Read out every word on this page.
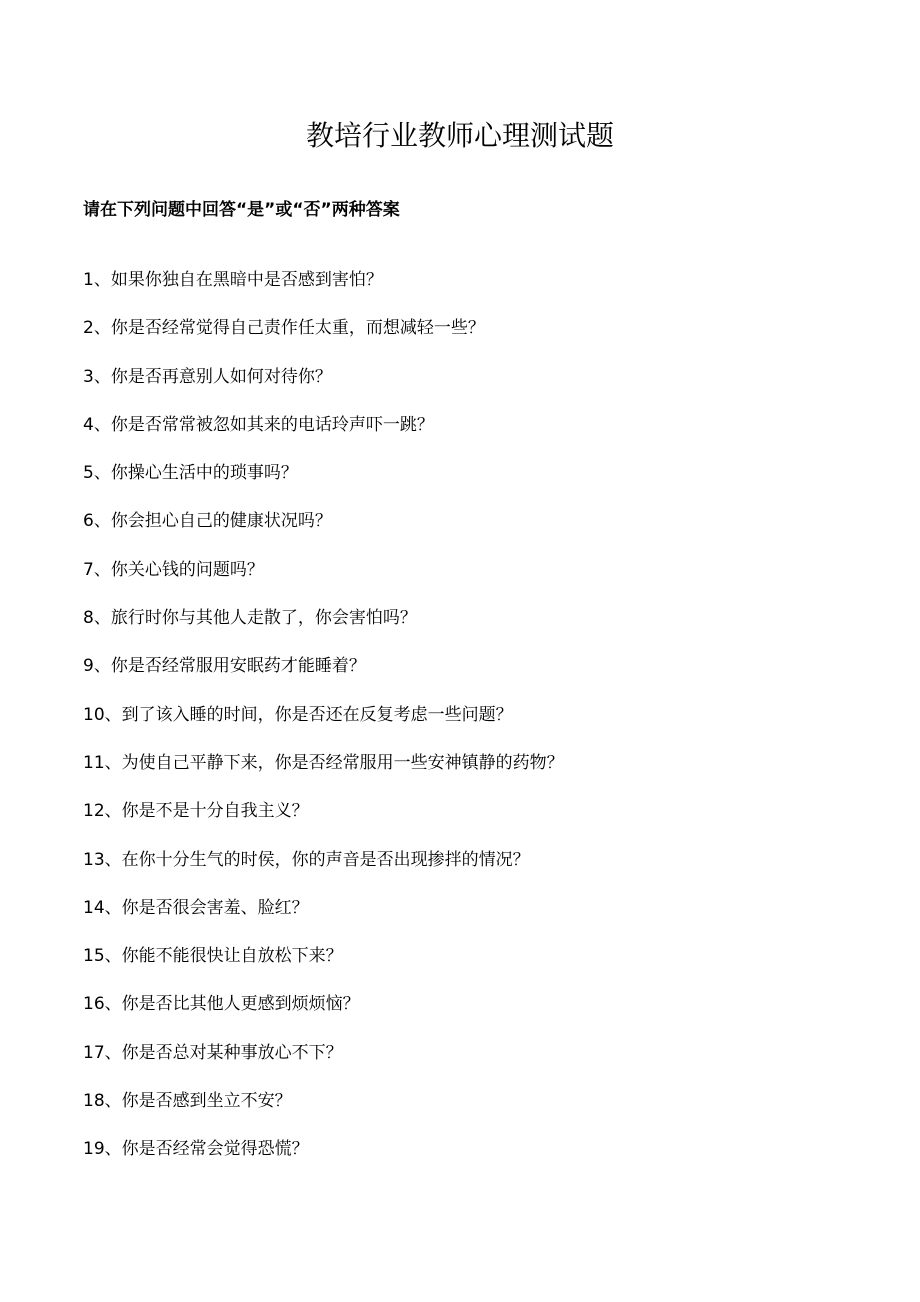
教培行业教师心理测试题

请在下列问题中回答“是”或“否”两种答案

1、如果你独自在黑暗中是否感到害怕？
2、你是否经常觉得自己责作任太重，而想减轻一些？
3、你是否再意别人如何对待你？
4、你是否常常被忽如其来的电话玲声吓一跳？
5、你操心生活中的琐事吗？
6、你会担心自己的健康状况吗？
7、你关心钱的问题吗？
8、旅行时你与其他人走散了，你会害怕吗？
9、你是否经常服用安眠药才能睡着？
10、到了该入睡的时间，你是否还在反复考虑一些问题？
11、为使自己平静下来，你是否经常服用一些安神镇静的药物？
12、你是不是十分自我主义？
13、在你十分生气的时侯，你的声音是否出现掺拌的情况？
14、你是否很会害羞、脸红？
15、你能不能很快让自放松下来？
16、你是否比其他人更感到烦烦恼？
17、你是否总对某种事放心不下？
18、你是否感到坐立不安？
19、你是否经常会觉得恐慌？
